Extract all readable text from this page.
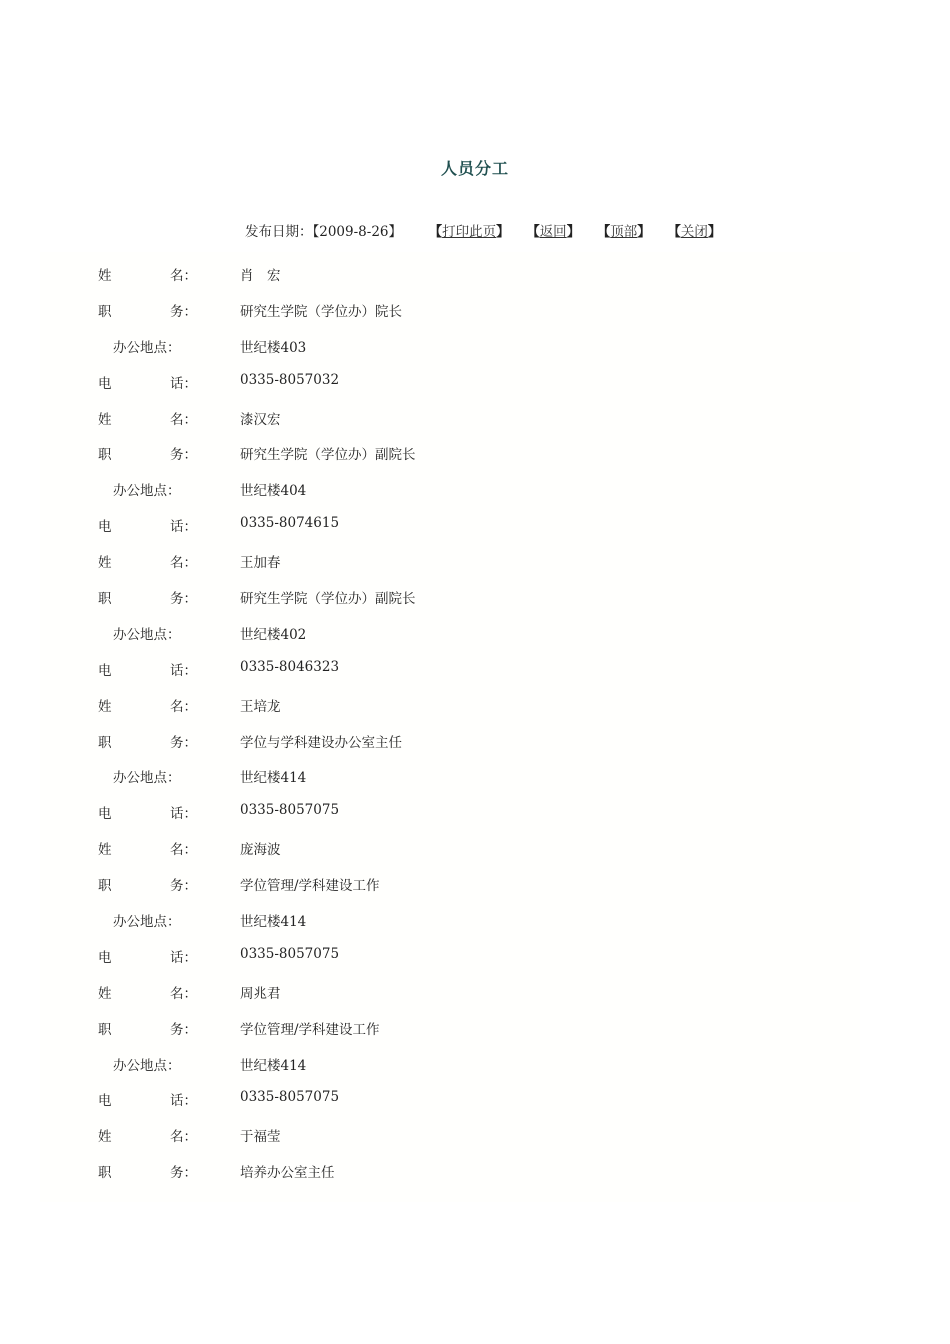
人员分工
发布日期：【2009-8-26】 【打印此页】 【返回】 【顶部】 【关闭】
姓	名：	肖　宏
职	务：	研究生学院（学位办）院长
办公地点：	世纪楼403
电	话：	0335-8057032
姓	名：	漆汉宏
职	务：	研究生学院（学位办）副院长
办公地点：	世纪楼404
电	话：	0335-8074615
姓	名：	王加春
职	务：	研究生学院（学位办）副院长
办公地点：	世纪楼402
电	话：	0335-8046323
姓	名：	王培龙
职	务：	学位与学科建设办公室主任
办公地点：	世纪楼414
电	话：	0335-8057075
姓	名：	庞海波
职	务：	学位管理/学科建设工作
办公地点：	世纪楼414
电	话：	0335-8057075
姓	名：	周兆君
职	务：	学位管理/学科建设工作
办公地点：	世纪楼414
电	话：	0335-8057075
姓	名：	于福莹
职	务：	培养办公室主任
